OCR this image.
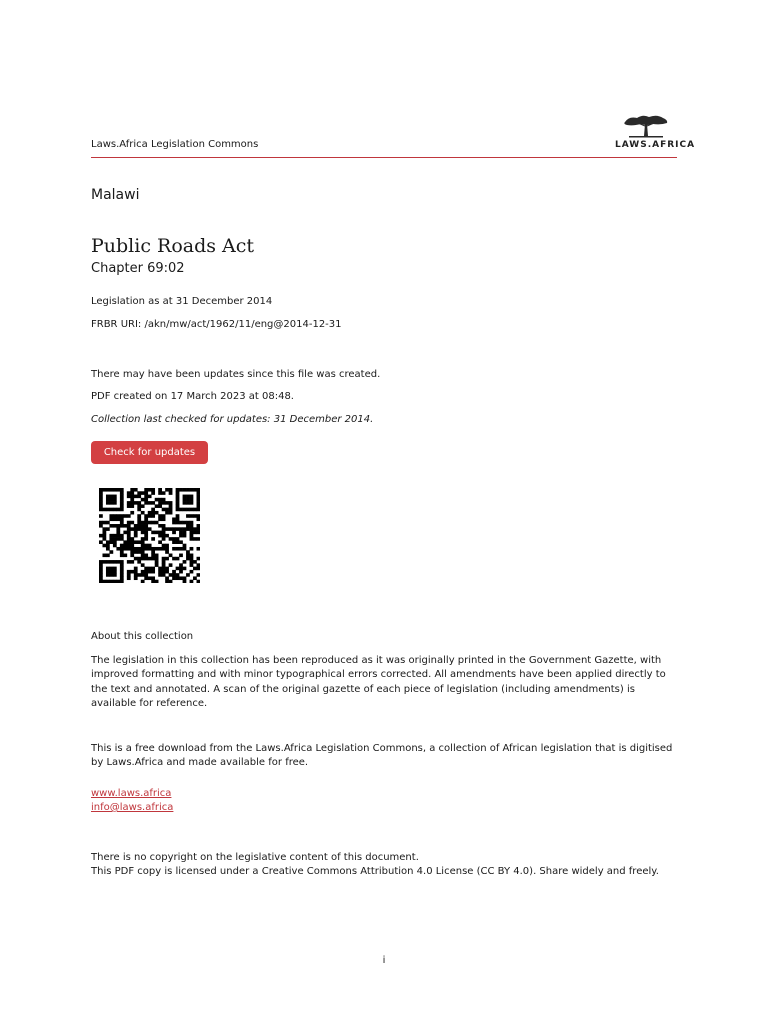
Laws.Africa Legislation Commons	LAWS.AFRICA
Malawi
Public Roads Act
Chapter 69:02
Legislation as at 31 December 2014
FRBR URI: /akn/mw/act/1962/11/eng@2014-12-31
There may have been updates since this file was created.
PDF created on 17 March 2023 at 08:48.
Collection last checked for updates: 31 December 2014.
Check for updates
About this collection
The legislation in this collection has been reproduced as it was originally printed in the Government Gazette, with improved formatting and with minor typographical errors corrected. All amendments have been applied directly to the text and annotated. A scan of the original gazette of each piece of legislation (including amendments) is available for reference.
This is a free download from the Laws.Africa Legislation Commons, a collection of African legislation that is digitised by Laws.Africa and made available for free.
www.laws.africa
info@laws.africa
There is no copyright on the legislative content of this document.
This PDF copy is licensed under a Creative Commons Attribution 4.0 License (CC BY 4.0). Share widely and freely.
i
